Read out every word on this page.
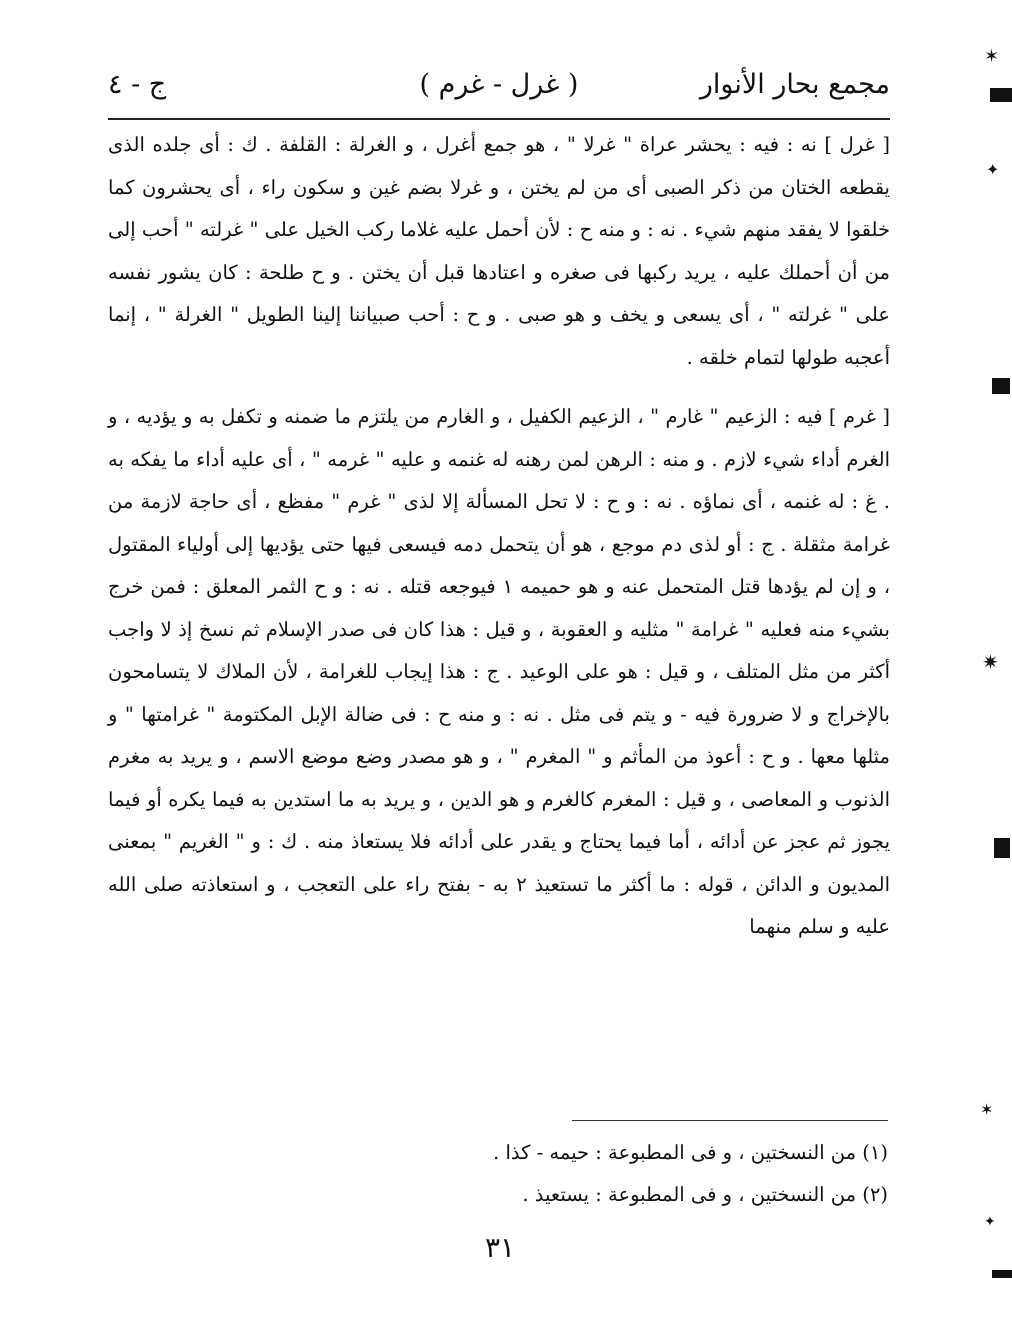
مجمع بحار الأنوار
( غرل - غرم )
ج - ٤

[ غرل ] نه : فيه : يحشر عراة " غرلا " ، هو جمع أغرل ، و الغرلة : القلفة . ك : أى جلده الذى يقطعه الختان من ذكر الصبى أى من لم يختن ، و غرلا بضم غين و سكون راء ، أى يحشرون كما خلقوا لا يفقد منهم شيء . نه : و منه ح : لأن أحمل عليه غلاما ركب الخيل على " غرلته " أحب إلى من أن أحملك عليه ، يريد ركبها فى صغره و اعتادها قبل أن يختن . و ح طلحة : كان يشور نفسه على " غرلته " ، أى يسعى و يخف و هو صبى . و ح : أحب صبياننا إلينا الطويل " الغرلة " ، إنما أعجبه طولها لتمام خلقه .

[ غرم ] فيه : الزعيم " غارم " ، الزعيم الكفيل ، و الغارم من يلتزم ما ضمنه و تكفل به و يؤديه ، و الغرم أداء شيء لازم . و منه : الرهن لمن رهنه له غنمه و عليه " غرمه " ، أى عليه أداء ما يفكه به . غ : له غنمه ، أى نماؤه . نه : و ح : لا تحل المسألة إلا لذى " غرم " مفظع ، أى حاجة لازمة من غرامة مثقلة . ج : أو لذى دم موجع ، هو أن يتحمل دمه فيسعى فيها حتى يؤديها إلى أولياء المقتول ، و إن لم يؤدها قتل المتحمل عنه و هو حميمه ١ فيوجعه قتله . نه : و ح الثمر المعلق : فمن خرج بشيء منه فعليه " غرامة " مثليه و العقوبة ، و قيل : هذا كان فى صدر الإسلام ثم نسخ إذ لا واجب أكثر من مثل المتلف ، و قيل : هو على الوعيد . ج : هذا إيجاب للغرامة ، لأن الملاك لا يتسامحون بالإخراج و لا ضرورة فيه - و يتم فى مثل . نه : و منه ح : فى ضالة الإبل المكتومة " غرامتها " و مثلها معها . و ح : أعوذ من المأثم و " المغرم " ، و هو مصدر وضع موضع الاسم ، و يريد به مغرم الذنوب و المعاصى ، و قيل : المغرم كالغرم و هو الدين ، و يريد به ما استدين به فيما يكره أو فيما يجوز ثم عجز عن أدائه ، أما فيما يحتاج و يقدر على أدائه فلا يستعاذ منه . ك : و " الغريم " بمعنى المديون و الدائن ، قوله : ما أكثر ما تستعيذ ٢ به - بفتح راء على التعجب ، و استعاذته صلى الله عليه و سلم منهما

(١) من النسختين ، و فى المطبوعة : حيمه - كذا .

(٢) من النسختين ، و فى المطبوعة : يستعيذ .

٣١
✶
✦
✷
✶
✦
